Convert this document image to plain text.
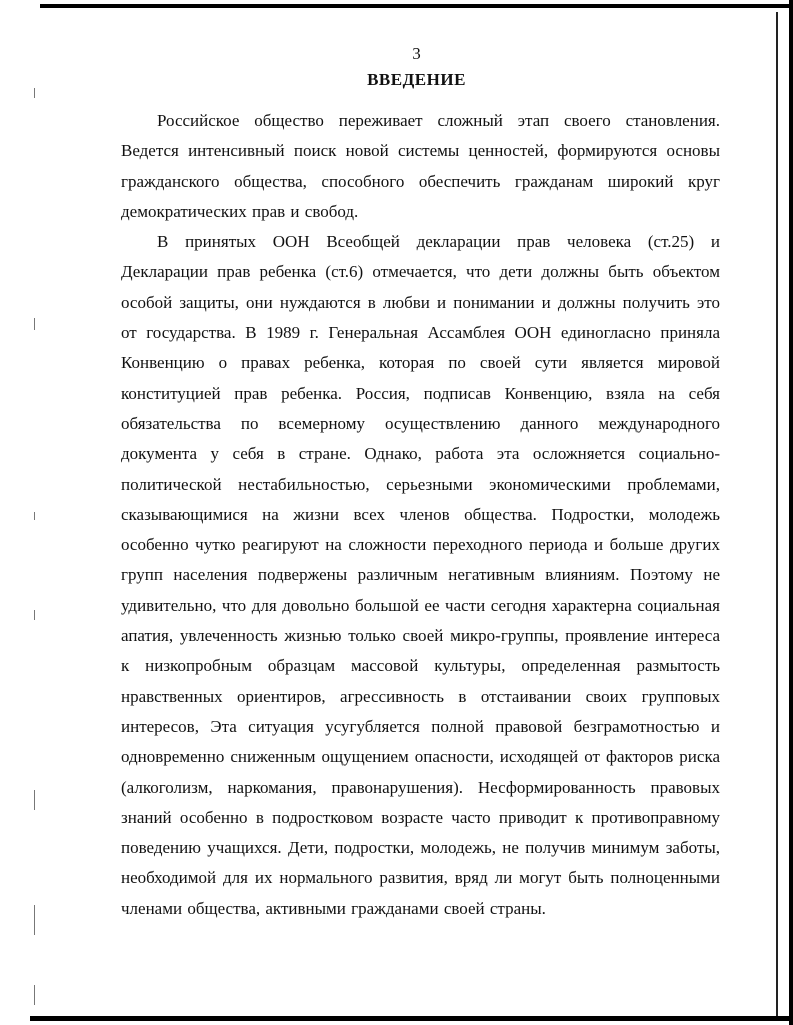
3
ВВЕДЕНИЕ

Российское общество переживает сложный этап своего становления. Ведется интенсивный поиск новой системы ценностей, формируются основы гражданского общества, способного обеспечить гражданам широкий круг демократических прав и свобод.

В принятых ООН Всеобщей декларации прав человека (ст.25) и Декларации прав ребенка (ст.6) отмечается, что дети должны быть объектом особой защиты, они нуждаются в любви и понимании и должны получить это от государства. В 1989 г. Генеральная Ассамблея ООН единогласно приняла Конвенцию о правах ребенка, которая по своей сути является мировой конституцией прав ребенка. Россия, подписав Конвенцию, взяла на себя обязательства по всемерному осуществлению данного международного документа у себя в стране. Однако, работа эта осложняется социально-политической нестабильностью, серьезными экономическими проблемами, сказывающимися на жизни всех членов общества. Подростки, молодежь особенно чутко реагируют на сложности переходного периода и больше других групп населения подвержены различным негативным влияниям. Поэтому не удивительно, что для довольно большой ее части сегодня характерна социальная апатия, увлеченность жизнью только своей микро-группы, проявление интереса к низкопробным образцам массовой культуры, определенная размытость нравственных ориентиров, агрессивность в отстаивании своих групповых интересов, Эта ситуация усугубляется полной правовой безграмотностью и одновременно сниженным ощущением опасности, исходящей от факторов риска (алкоголизм, наркомания, правонарушения). Несформированность правовых знаний особенно в подростковом возрасте часто приводит к противоправному поведению учащихся. Дети, подростки, молодежь, не получив минимум заботы, необходимой для их нормального развития, вряд ли могут быть полноценными членами общества, активными гражданами своей страны.
